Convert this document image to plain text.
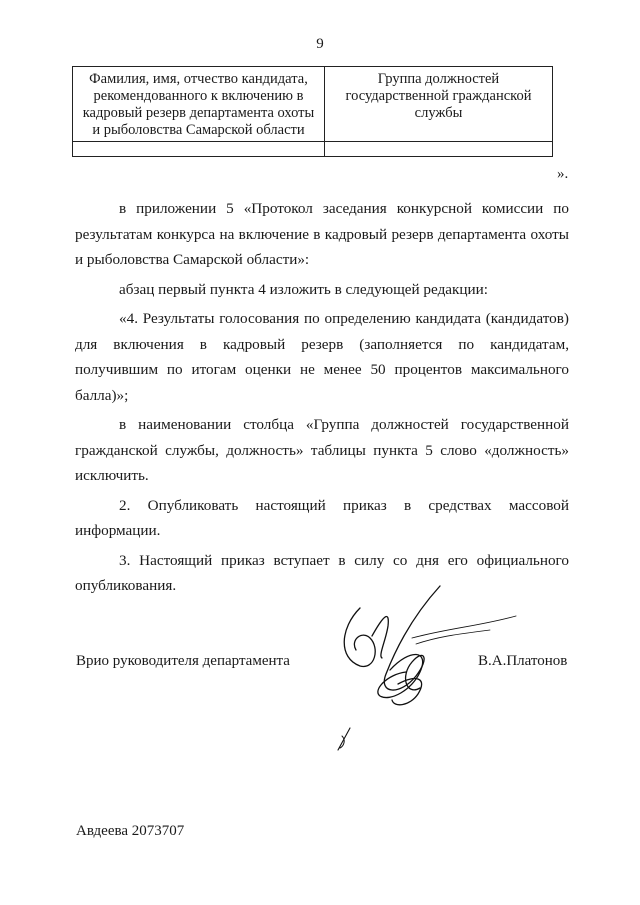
9
Фамилия, имя, отчество кандидата, рекомендованного к включению в кадровый резерв департамента охоты и рыболовства Самарской области	Группа должностей государственной гражданской службы

».

в приложении 5 «Протокол заседания конкурсной комиссии по результатам конкурса на включение в кадровый резерв департамента охоты и рыболовства Самарской области»:

абзац первый пункта 4 изложить в следующей редакции:

«4. Результаты голосования по определению кандидата (кандидатов) для включения в кадровый резерв (заполняется по кандидатам, получившим по итогам оценки не менее 50 процентов максимального балла)»;

в наименовании столбца «Группа должностей государственной гражданской службы, должность» таблицы пункта 5 слово «должность» исключить.

2. Опубликовать настоящий приказ в средствах массовой информации.

3. Настоящий приказ вступает в силу со дня его официального опубликования.

Врио руководителя департамента	В.А.Платонов
Авдеева 2073707
